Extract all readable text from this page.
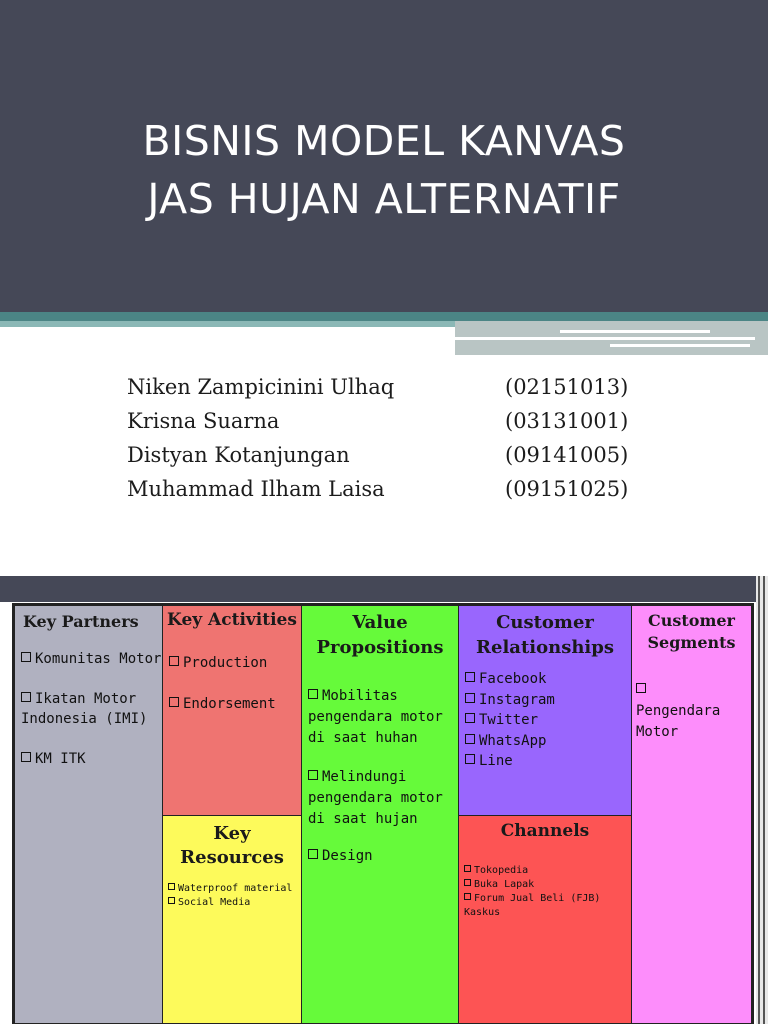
BISNIS MODEL KANVAS
JAS HUJAN ALTERNATIF
Niken Zampicinini Ulhaq	(02151013)
Krisna Suarna	(03131001)
Distyan Kotanjungan	(09141005)
Muhammad Ilham Laisa	(09151025)
Key Partners
Komunitas Motor
Ikatan Motor Indonesia (IMI)
KM ITK
Key Activities
Production
Endorsement
Key Resources
Waterproof material
Social Media
Value Propositions
Mobilitas pengendara motor di saat huhan
Melindungi pengendara motor di saat hujan
Design
Customer Relationships
Facebook
Instagram
Twitter
WhatsApp
Line
Channels
Tokopedia
Buka Lapak
Forum Jual Beli (FJB) Kaskus
Customer Segments

Pengendara Motor
